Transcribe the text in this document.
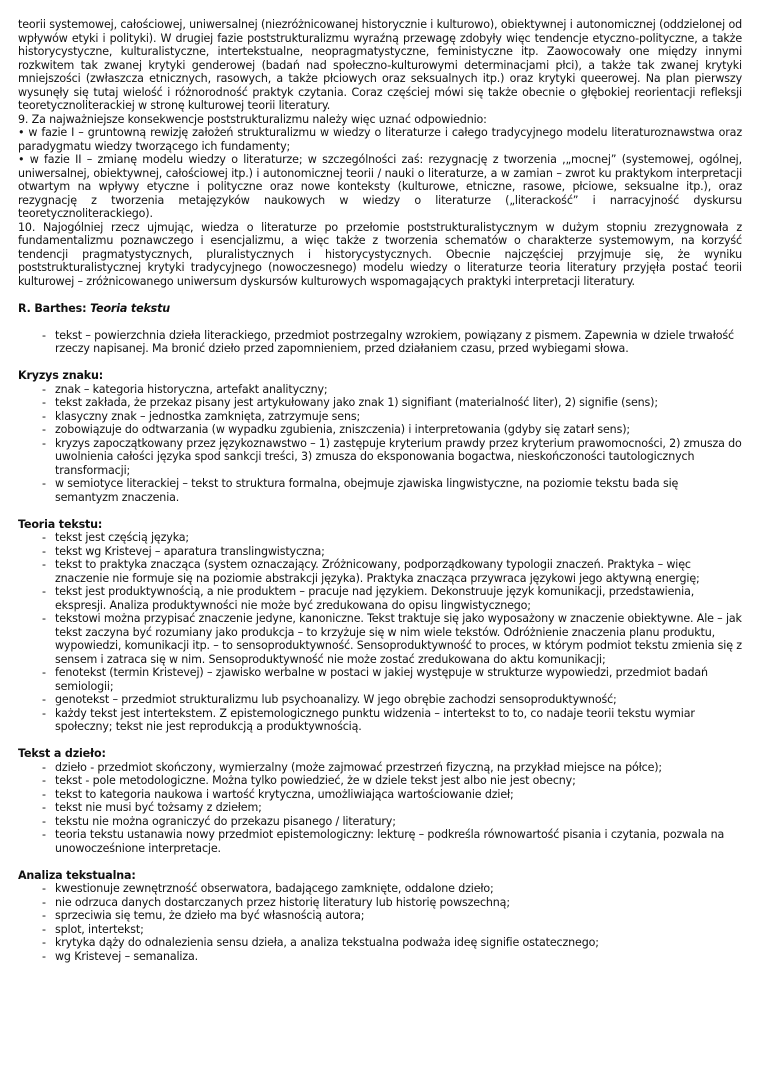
teorii systemowej, całościowej, uniwersalnej (niezróżnicowanej historycznie i kulturowo), obiektywnej i autonomicznej (oddzielonej od wpływów etyki i polityki). W drugiej fazie poststrukturalizmu wyraźną przewagę zdobyły więc tendencje etyczno-polityczne, a także historycystyczne, kulturalistyczne, intertekstualne, neopragmatystyczne, feministyczne itp. Zaowocowały one między innymi rozkwitem tak zwanej krytyki genderowej (badań nad społeczno-kulturowymi determinacjami płci), a także tak zwanej krytyki mniejszości (zwłaszcza etnicznych, rasowych, a także płciowych oraz seksualnych itp.) oraz krytyki queerowej. Na plan pierwszy wysunęły się tutaj wielość i różnorodność praktyk czytania. Coraz częściej mówi się także obecnie o głębokiej reorientacji refleksji teoretycznoliterackiej w stronę kulturowej teorii literatury.

9. Za najważniejsze konsekwencje poststrukturalizmu należy więc uznać odpowiednio:

• w fazie I – gruntowną rewizję założeń strukturalizmu w wiedzy o literaturze i całego tradycyjnego modelu literaturoznawstwa oraz paradygmatu wiedzy tworzącego ich fundamenty;

• w fazie II – zmianę modelu wiedzy o literaturze; w szczególności zaś: rezygnację z tworzenia ,„mocnej” (systemowej, ogólnej, uniwersalnej, obiektywnej, całościowej itp.) i autonomicznej teorii / nauki o literaturze, a w zamian – zwrot ku praktykom interpretacji otwartym na wpływy etyczne i polityczne oraz nowe konteksty (kulturowe, etniczne, rasowe, płciowe, seksualne itp.), oraz rezygnację z tworzenia metajęzyków naukowych w wiedzy o literaturze („literackość” i narracyjność dyskursu teoretycznoliterackiego).

10. Najogólniej rzecz ujmując, wiedza o literaturze po przełomie poststrukturalistycznym w dużym stopniu zrezygnowała z fundamentalizmu poznawczego i esencjalizmu, a więc także z tworzenia schematów o charakterze systemowym, na korzyść tendencji pragmatystycznych, pluralistycznych i historycystycznych. Obecnie najczęściej przyjmuje się, że wyniku poststrukturalistycznej krytyki tradycyjnego (nowoczesnego) modelu wiedzy o literaturze teoria literatury przyjęła postać teorii kulturowej – zróżnicowanego uniwersum dyskursów kulturowych wspomagających praktyki interpretacji literatury.

R. Barthes: Teoria tekstu

- tekst – powierzchnia dzieła literackiego, przedmiot postrzegalny wzrokiem, powiązany z pismem. Zapewnia w dziele trwałość rzeczy napisanej. Ma bronić dzieło przed zapomnieniem, przed działaniem czasu, przed wybiegami słowa.

Kryzys znaku:

- znak – kategoria historyczna, artefakt analityczny;
- tekst zakłada, że przekaz pisany jest artykułowany jako znak 1) signifiant (materialność liter), 2) signifie (sens);
- klasyczny znak – jednostka zamknięta, zatrzymuje sens;
- zobowiązuje do odtwarzania (w wypadku zgubienia, zniszczenia) i interpretowania (gdyby się zatarł sens);
- kryzys zapoczątkowany przez językoznawstwo – 1) zastępuje kryterium prawdy przez kryterium prawomocności, 2) zmusza do uwolnienia całości języka spod sankcji treści, 3) zmusza do eksponowania bogactwa, nieskończoności tautologicznych transformacji;
- w semiotyce literackiej – tekst to struktura formalna, obejmuje zjawiska lingwistyczne, na poziomie tekstu bada się semantyzm znaczenia.

Teoria tekstu:

- tekst jest częścią języka;
- tekst wg Kristevej – aparatura translingwistyczna;
- tekst to praktyka znacząca (system oznaczający. Zróżnicowany, podporządkowany typologii znaczeń. Praktyka – więc znaczenie nie formuje się na poziomie abstrakcji języka). Praktyka znacząca przywraca językowi jego aktywną energię;
- tekst jest produktywnością, a nie produktem – pracuje nad językiem. Dekonstruuje język komunikacji, przedstawienia, ekspresji. Analiza produktywności nie może być zredukowana do opisu lingwistycznego;
- tekstowi można przypisać znaczenie jedyne, kanoniczne. Tekst traktuje się jako wyposażony w znaczenie obiektywne. Ale – jak tekst zaczyna być rozumiany jako produkcja – to krzyżuje się w nim wiele tekstów. Odróżnienie znaczenia planu produktu, wypowiedzi, komunikacji itp. – to sensoproduktywność. Sensoproduktywność to proces, w którym podmiot tekstu zmienia się z sensem i zatraca się w nim. Sensoproduktywność nie może zostać zredukowana do aktu komunikacji;
- fenotekst (termin Kristevej) – zjawisko werbalne w postaci w jakiej występuje w strukturze wypowiedzi, przedmiot badań semiologii;
- genotekst – przedmiot strukturalizmu lub psychoanalizy. W jego obrębie zachodzi sensoproduktywność;
- każdy tekst jest intertekstem. Z epistemologicznego punktu widzenia – intertekst to to, co nadaje teorii tekstu wymiar społeczny; tekst nie jest reprodukcją a produktywnością.

Tekst a dzieło:

- dzieło - przedmiot skończony, wymierzalny (może zajmować przestrzeń fizyczną, na przykład miejsce na półce);
- tekst - pole metodologiczne. Można tylko powiedzieć, że w dziele tekst jest albo nie jest obecny;
- tekst to kategoria naukowa i wartość krytyczna, umożliwiająca wartościowanie dzieł;
- tekst nie musi być tożsamy z dziełem;
- tekstu nie można ograniczyć do przekazu pisanego / literatury;
- teoria tekstu ustanawia nowy przedmiot epistemologiczny: lekturę – podkreśla równowartość pisania i czytania, pozwala na unowocześnione interpretacje.

Analiza tekstualna:

- kwestionuje zewnętrzność obserwatora, badającego zamknięte, oddalone dzieło;
- nie odrzuca danych dostarczanych przez historię literatury lub historię powszechną;
- sprzeciwia się temu, że dzieło ma być własnością autora;
- splot, intertekst;
- krytyka dąży do odnalezienia sensu dzieła, a analiza tekstualna podważa ideę signifie ostatecznego;
- wg Kristevej – semanaliza.
